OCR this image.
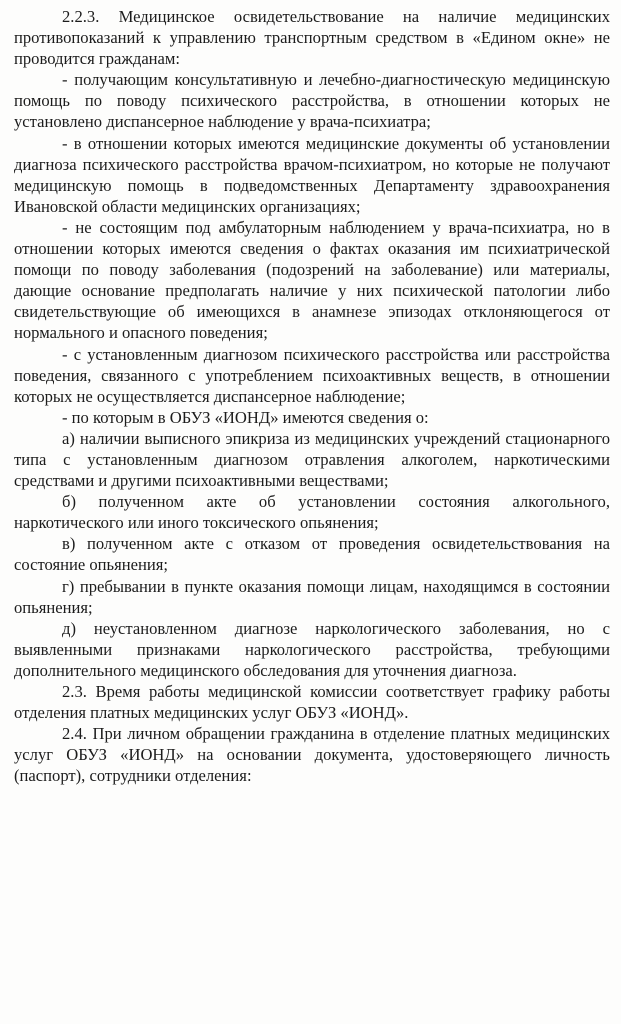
2.2.3. Медицинское освидетельствование на наличие медицинских противопоказаний к управлению транспортным средством в «Едином окне» не проводится гражданам:

- получающим консультативную и лечебно-диагностическую медицинскую помощь по поводу психического расстройства, в отношении которых не установлено диспансерное наблюдение у врача-психиатра;

- в отношении которых имеются медицинские документы об установлении диагноза психического расстройства врачом-психиатром, но которые не получают медицинскую помощь в подведомственных Департаменту здравоохранения Ивановской области медицинских организациях;

- не состоящим под амбулаторным наблюдением у врача-психиатра, но в отношении которых имеются сведения о фактах оказания им психиатрической помощи по поводу заболевания (подозрений на заболевание) или материалы, дающие основание предполагать наличие у них психической патологии либо свидетельствующие об имеющихся в анамнезе эпизодах отклоняющегося от нормального и опасного поведения;

- с установленным диагнозом психического расстройства или расстройства поведения, связанного с употреблением психоактивных веществ, в отношении которых не осуществляется диспансерное наблюдение;

- по которым в ОБУЗ «ИОНД» имеются сведения о:

а) наличии выписного эпикриза из медицинских учреждений стационарного типа с установленным диагнозом отравления алкоголем, наркотическими средствами и другими психоактивными веществами;

б) полученном акте об установлении состояния алкогольного, наркотического или иного токсического опьянения;

в) полученном акте с отказом от проведения освидетельствования на состояние опьянения;

г) пребывании в пункте оказания помощи лицам, находящимся в состоянии опьянения;

д) неустановленном диагнозе наркологического заболевания, но с выявленными признаками наркологического расстройства, требующими дополнительного медицинского обследования для уточнения диагноза.

2.3. Время работы медицинской комиссии соответствует графику работы отделения платных медицинских услуг ОБУЗ «ИОНД».

2.4. При личном обращении гражданина в отделение платных медицинских услуг ОБУЗ «ИОНД» на основании документа, удостоверяющего личность (паспорт), сотрудники отделения:
